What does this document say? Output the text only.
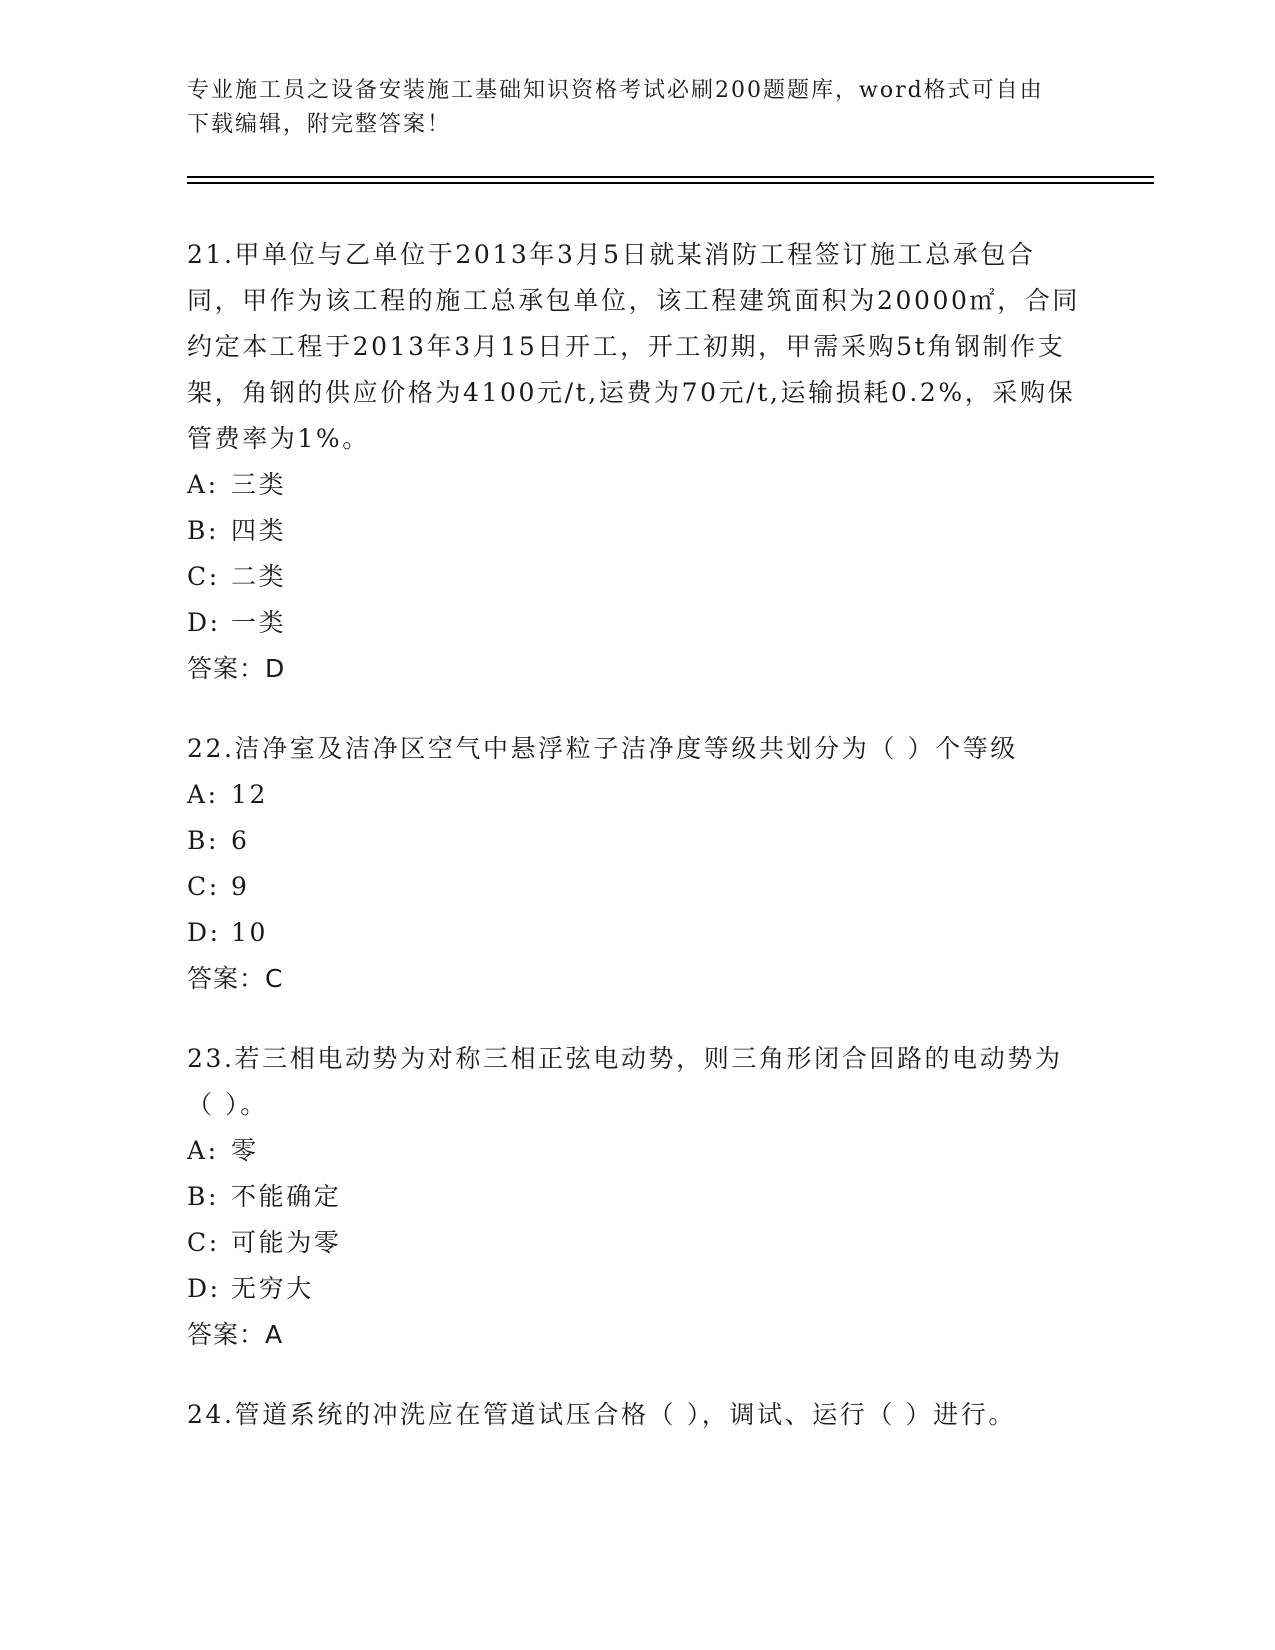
专业施工员之设备安装施工基础知识资格考试必刷200题题库，word格式可自由下载编辑，附完整答案！

21.甲单位与乙单位于2013年3月5日就某消防工程签订施工总承包合同，甲作为该工程的施工总承包单位，该工程建筑面积为20000㎡，合同约定本工程于2013年3月15日开工，开工初期，甲需采购5t角钢制作支架，角钢的供应价格为4100元/t,运费为70元/t,运输损耗0.2%，采购保管费率为1%。

A: 三类

B: 四类

C: 二类

D: 一类

答案：D

22.洁净室及洁净区空气中悬浮粒子洁净度等级共划分为（ ）个等级

A: 12

B: 6

C: 9

D: 10

答案：C

23.若三相电动势为对称三相正弦电动势，则三角形闭合回路的电动势为（ ）。

A: 零

B: 不能确定

C: 可能为零

D: 无穷大

答案：A

24.管道系统的冲洗应在管道试压合格（ ），调试、运行（ ）进行。
